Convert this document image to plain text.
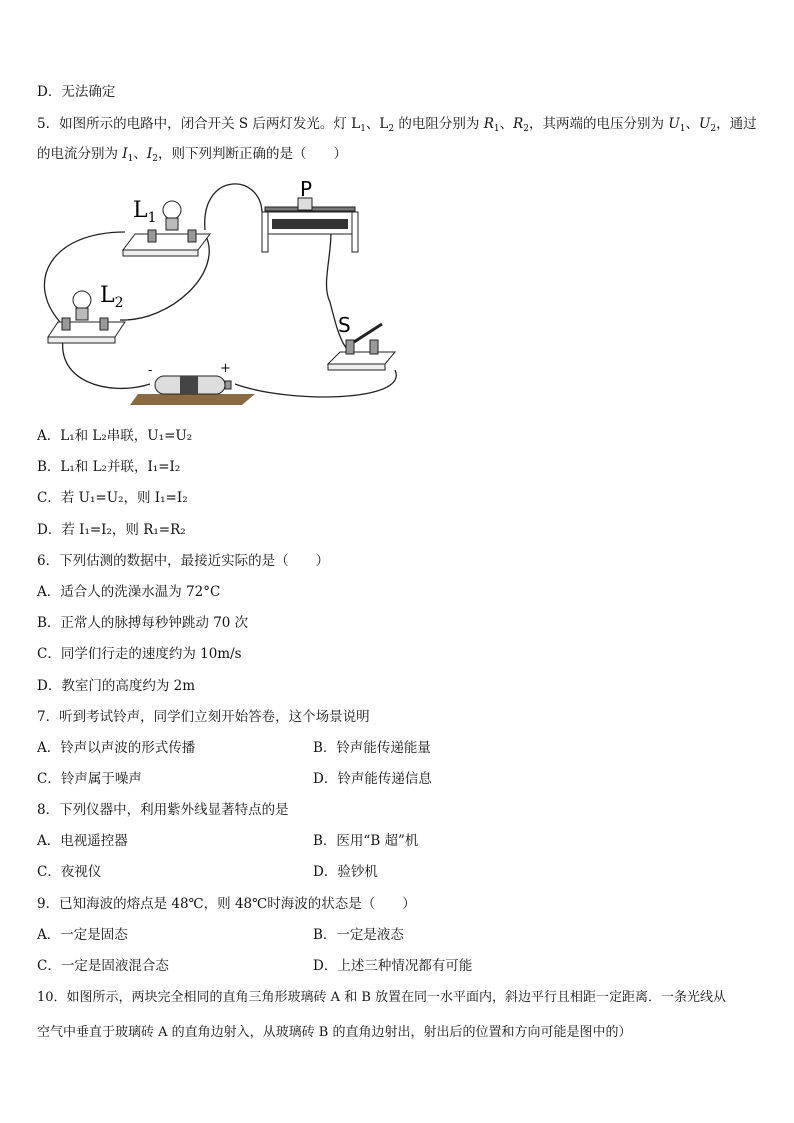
D．无法确定
5．如图所示的电路中，闭合开关 S 后两灯发光。灯 $L_1$、$L_2$ 的电阻分别为 $R_1$、$R_2$，其两端的电压分别为 $U_1$、$U_2$，通过
的电流分别为 $I_1$、$I_2$，则下列判断正确的是（　　）
$L_1$
$L_2$
P
S
-	+
A．L₁和 L₂串联，U₁=U₂
B．L₁和 L₂并联，I₁=I₂
C．若 U₁=U₂，则 I₁=I₂
D．若 I₁=I₂，则 R₁=R₂
6．下列估测的数据中，最接近实际的是（　　）
A．适合人的洗澡水温为 72°C
B．正常人的脉搏每秒钟跳动 70 次
C．同学们行走的速度约为 10m/s
D．教室门的高度约为 2m
7．听到考试铃声，同学们立刻开始答卷，这个场景说明
A．铃声以声波的形式传播	B．铃声能传递能量
C．铃声属于噪声	D．铃声能传递信息
8．下列仪器中，利用紫外线显著特点的是
A．电视遥控器	B．医用“B 超”机
C．夜视仪	D．验钞机
9．已知海波的熔点是 48℃，则 48℃时海波的状态是（　　）
A．一定是固态	B．一定是液态
C．一定是固液混合态	D．上述三种情况都有可能
10．如图所示，两块完全相同的直角三角形玻璃砖 A 和 B 放置在同一水平面内，斜边平行且相距一定距离．一条光线从
空气中垂直于玻璃砖 A 的直角边射入，从玻璃砖 B 的直角边射出，射出后的位置和方向可能是图中的）
